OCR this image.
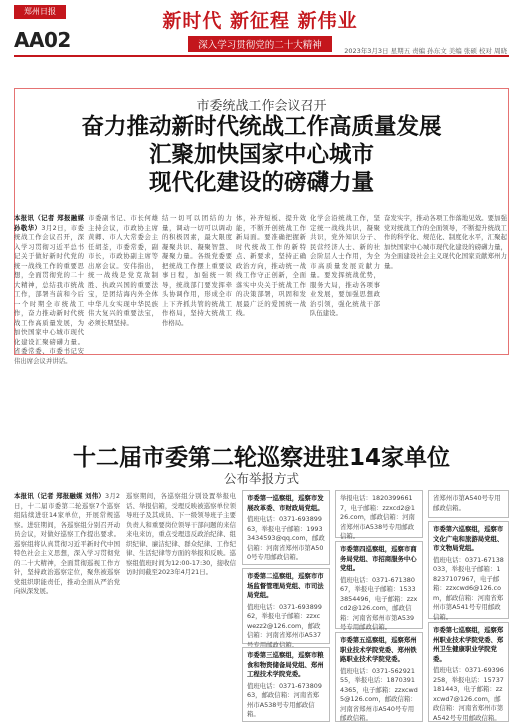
郑州日报
AA02
新时代 新征程 新伟业
深入学习贯彻党的二十大精神	2023年3月3日 星期五 责编 孙东文 美编 张硕 校对 周晓
市委统战工作会议召开
奋力推动新时代统战工作高质量发展
汇聚加快国家中心城市
现代化建设的磅礴力量
本报讯（记者 郑报融媒 孙敬华）3月2日，市委统战工作会议召开，深入学习贯彻习近平总书记关于做好新时代党的统一战线工作的重要思想，全面贯彻党的二十大精神，总结我市统战工作，部署当前和今后一个时期全市统战工作，奋力推动新时代统战工作高质量发展，为加快国家中心城市现代化建设汇聚磅礴力量。省委常委、市委书记安伟出席会议并讲话。
市委副书记、市长何雄主持会议，市政协主席黄卿、市人大常委会主任胡荃，市委常委，副市长，市政协副主席等出席会议。安伟指出，统一战线是党克敌制胜、执政兴国的重要法宝，是团结海内外全体中华儿女实现中华民族伟大复兴的重要法宝，必须长期坚持。
结一切可以团结的力量，调动一切可以调动的积极因素，最大限度凝聚共识、凝聚智慧、凝聚力量。各级党委要把统战工作摆上重要议事日程，加强统一领导，统战部门要发挥牵头协调作用，形成全市上下齐抓共管的统战工作格局，坚持大统战工作格局。
体，补齐短板、提升效能，不断开创统战工作新局面。要准确把握新时代统战工作的新特点、新要求，坚持正确政治方向，推动统一战线工作守正创新，全面落实中央关于统战工作的决策部署，巩固和发展最广泛的爱国统一战线。
化学会沿统战工作，坚定统一战线共识，凝聚共识，党外知识分子、民营经济人士、新的社会阶层人士作用，为全市高质量发展贡献力量。要发挥统战优势，服务大局，推动各项事业发展，要加强思想政治引领，强化统战干部队伍建设。
奋发实字，推动各项工作落地见效。要加强党对统战工作的全面领导，不断提升统战工作的科学化、规范化、制度化水平，汇聚起加快国家中心城市现代化建设的磅礴力量，为全面建设社会主义现代化国家贡献郑州力量。
十二届市委第二轮巡察进驻14家单位
公布举报方式
本报讯（记者 郑报融媒 刘伟）3月2日，十二届市委第二轮巡察7个巡察组陆续进驻14家单位，开展常规巡察。进驻期间，各巡察组分别召开动员会议，对做好巡察工作提出要求。巡察组将认真贯彻习近平新时代中国特色社会主义思想，深入学习贯彻党的二十大精神，全面贯彻巡视工作方针，坚持政治巡察定位，聚焦被巡察党组织职能责任，推动全面从严治党向纵深发展。
巡察期间，各巡察组分别设置举报电话、举报信箱，受理反映被巡察单位领导班子及其成员、下一级领导班子主要负责人和重要岗位领导干部问题的来信来电来访，重点受理违反政治纪律、组织纪律、廉洁纪律、群众纪律、工作纪律、生活纪律等方面的举报和反映。巡察组值班时间为12:00-17:30，接收信访时间截至2023年4月21日。
市委第一巡察组，巡察市发展改革委、市财政局党组。
值班电话：0371-69389963，举报电子邮箱：19933434593@qq.com，邮政信箱：河南省郑州市第A500号专用邮政信箱。
市委第二巡察组，巡察市市场监督管理局党组、市司法局党组。
值班电话：0371-69389962，举报电子邮箱：zzxcwezz2@126.com，邮政信箱：河南省郑州市A537号专用邮政信箱。
市委第三巡察组，巡察市粮食和物资储备局党组、郑州工程技术学院党委。
值班电话：0371-67380963，邮政信箱：河南省郑州市A538号专用邮政信箱。
举报电话：18203996617，电子邮箱：zzxcd2@126.com，邮政信箱：河南省郑州市A538号专用邮政信箱。
市委第四巡察组，巡察市商务局党组、市招商服务中心党组。
值班电话：0371-67138067，举报电子邮箱：15333854496，电子邮箱：zzxcd2@126.com，邮政信箱：河南省郑州市第A539号专用邮政信箱。
市委第五巡察组，巡察郑州职业技术学院党委、郑州铁路职业技术学院党委。
值班电话：0371-56292155，举报电话：18703914365，电子邮箱：zzxcwd5@126.com，邮政信箱：河南省郑州市A540号专用邮政信箱。
省郑州市第A540号专用邮政信箱。
市委第六巡察组，巡察市文化广电和旅游局党组、市文物局党组。
值班电话：0371-67138033，举报电子邮箱：18237107967，电子邮箱：zzxcwd6@126.com，邮政信箱：河南省郑州市第A541号专用邮政信箱。
市委第七巡察组，巡察郑州职业技术学院党委、郑州卫生健康职业学院党委。
值班电话：0371-69396258，举报电话：15737181443，电子邮箱：zzxcwd7@126.com，邮政信箱：河南省郑州市第A542号专用邮政信箱。
